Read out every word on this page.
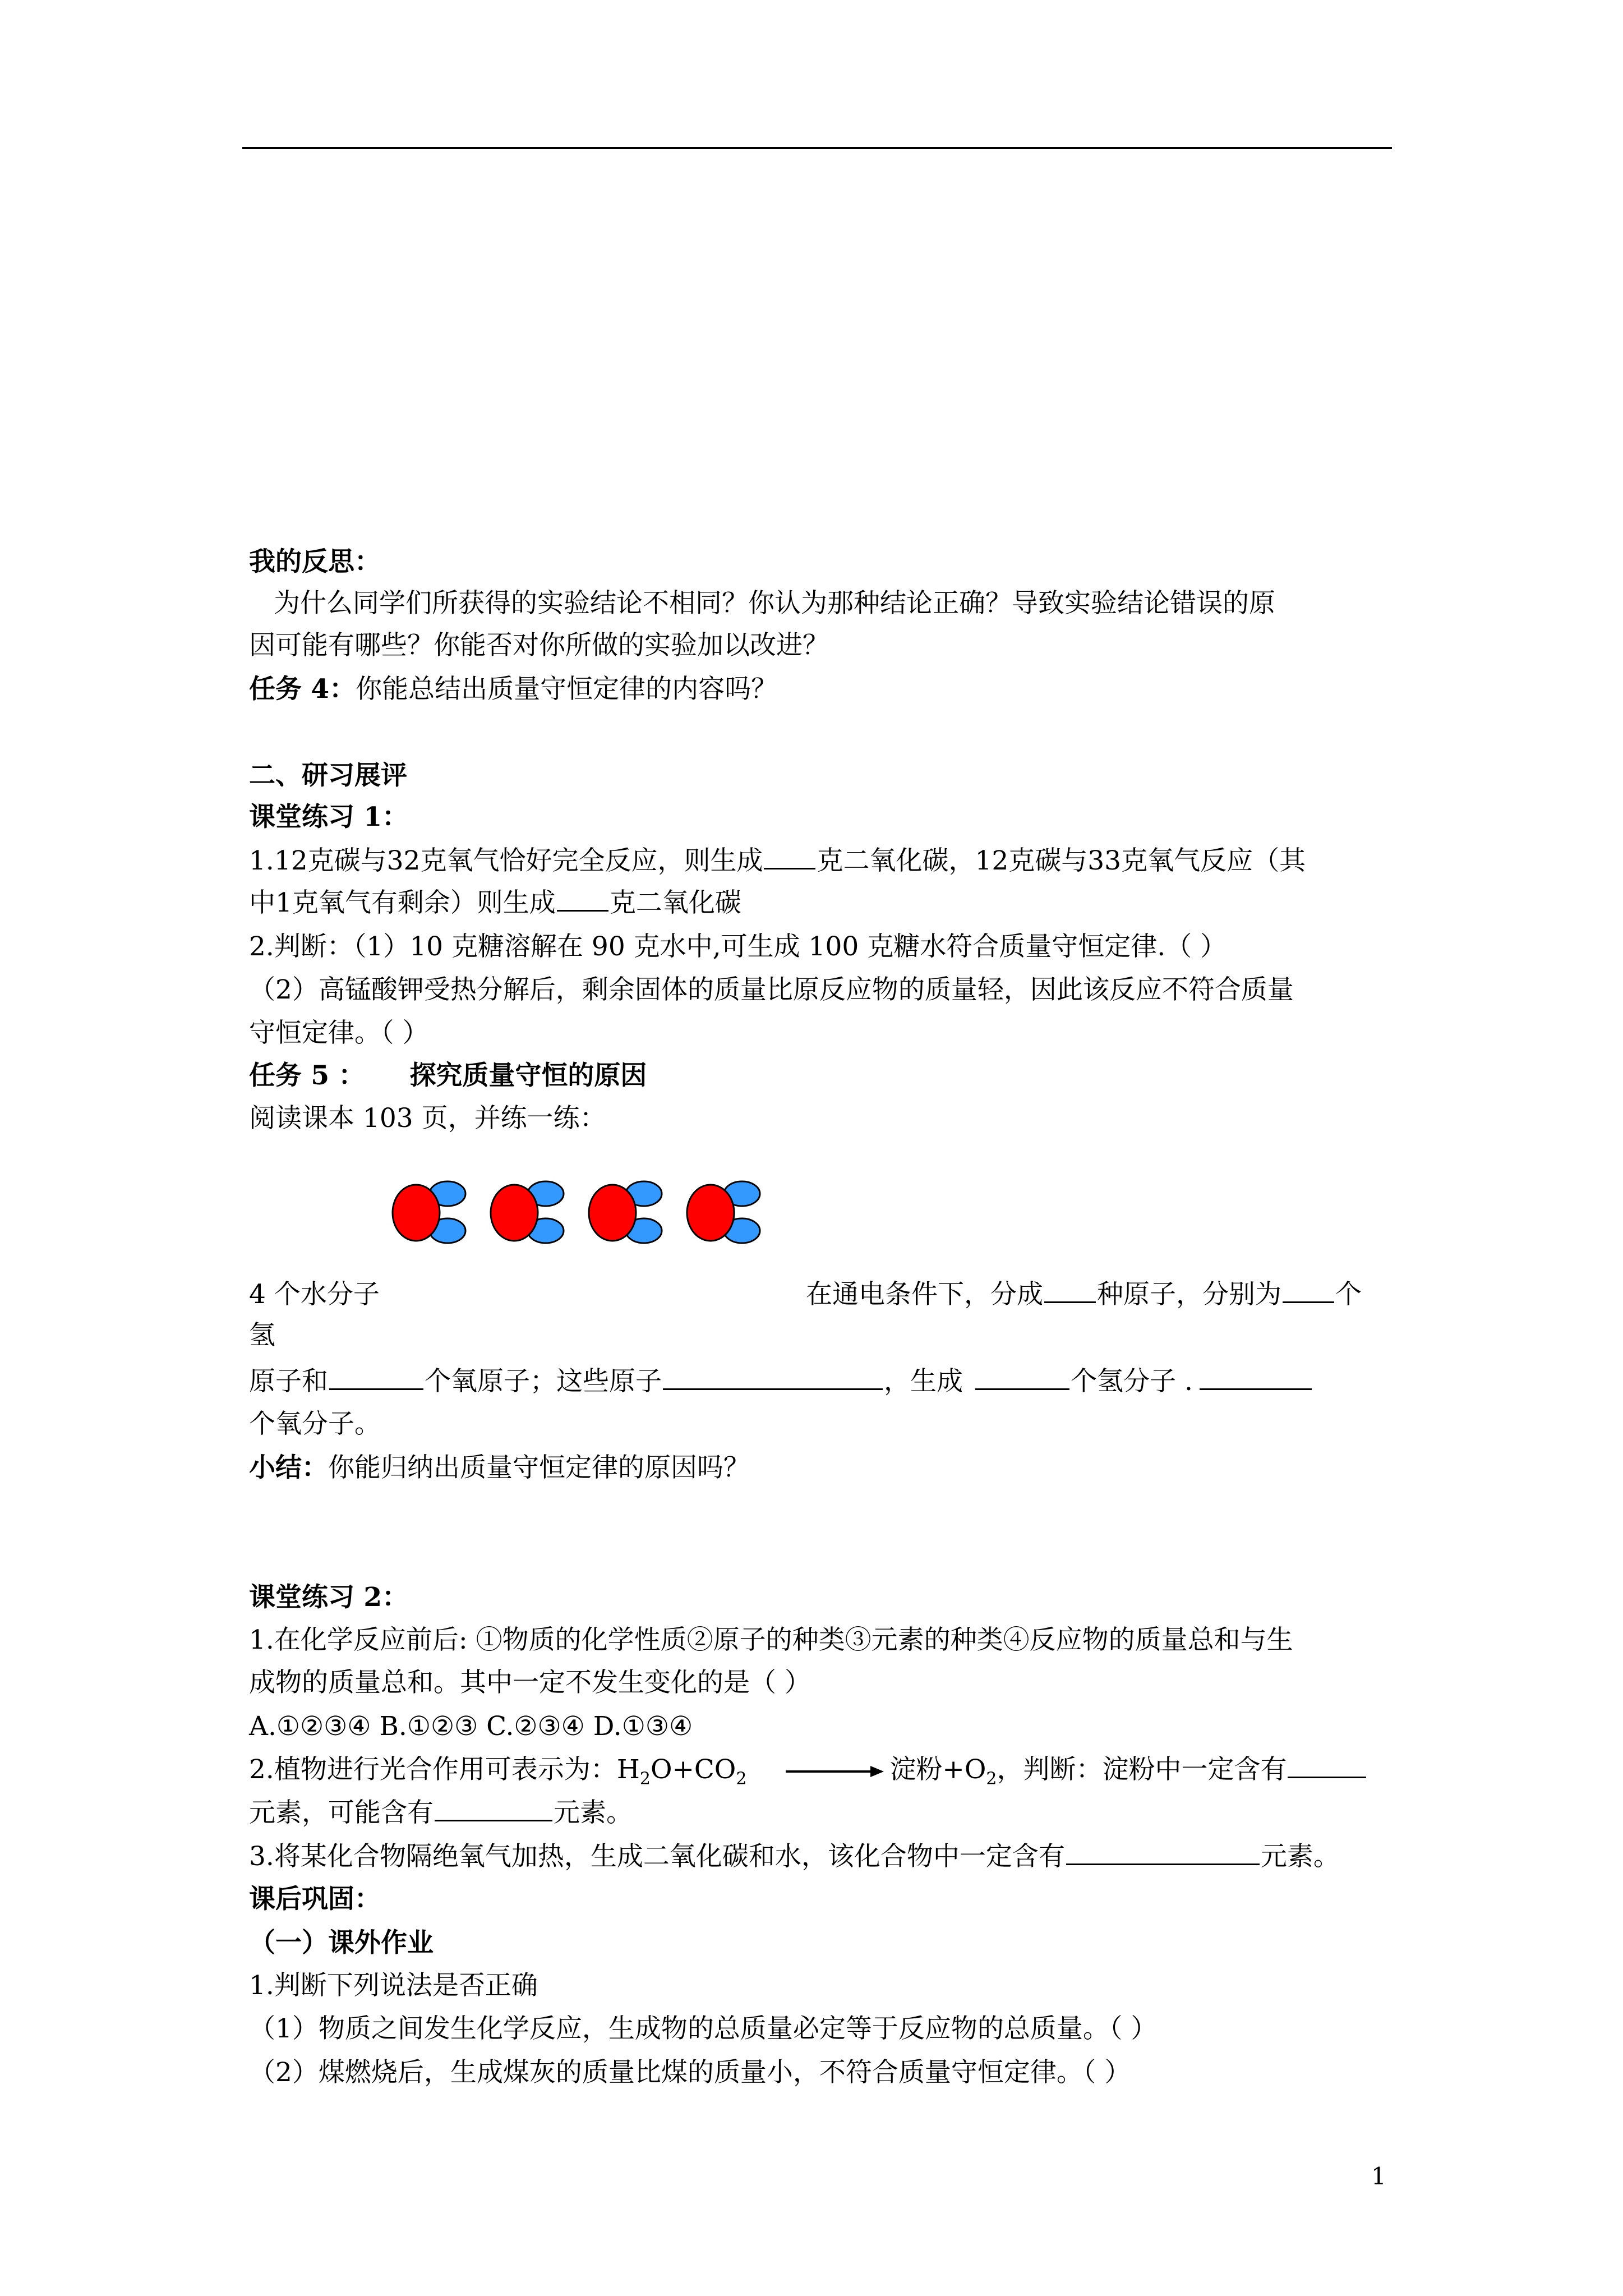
我的反思：
为什么同学们所获得的实验结论不相同？你认为那种结论正确？导致实验结论错误的原
因可能有哪些？你能否对你所做的实验加以改进？
任务 4：你能总结出质量守恒定律的内容吗？
二、研习展评
课堂练习 1：
1.12克碳与32克氧气恰好完全反应，则生成 克二氧化碳，12克碳与33克氧气反应（其
中1克氧气有剩余）则生成 克二氧化碳
2.判断：（1）10 克糖溶解在 90 克水中,可生成 100 克糖水符合质量守恒定律.（ ）
（2）高锰酸钾受热分解后，剩余固体的质量比原反应物的质量轻，因此该反应不符合质量
守恒定律。（ ）
任务 5 ： 探究质量守恒的原因
阅读课本 103 页，并练一练：
4 个水分子	在通电条件下，分成 种原子，分别为 个
氢
原子和	个氧原子；这些原子	，生成	个氢分子 .
个氧分子。
小结：你能归纳出质量守恒定律的原因吗？
课堂练习 2：
1.在化学反应前后: ①物质的化学性质②原子的种类③元素的种类④反应物的质量总和与生
成物的质量总和。其中一定不发生变化的是（ ）
A.①②③④ B.①②③ C.②③④ D.①③④
2.植物进行光合作用可表示为：$H_2O+CO_2$	淀粉$+O_2$，判断：淀粉中一定含有
元素，可能含有	元素。
3.将某化合物隔绝氧气加热，生成二氧化碳和水，该化合物中一定含有	元素。
课后巩固：
（一）课外作业
1.判断下列说法是否正确
（1）物质之间发生化学反应，生成物的总质量必定等于反应物的总质量。（ ）
（2）煤燃烧后，生成煤灰的质量比煤的质量小，不符合质量守恒定律。（ ）
1
